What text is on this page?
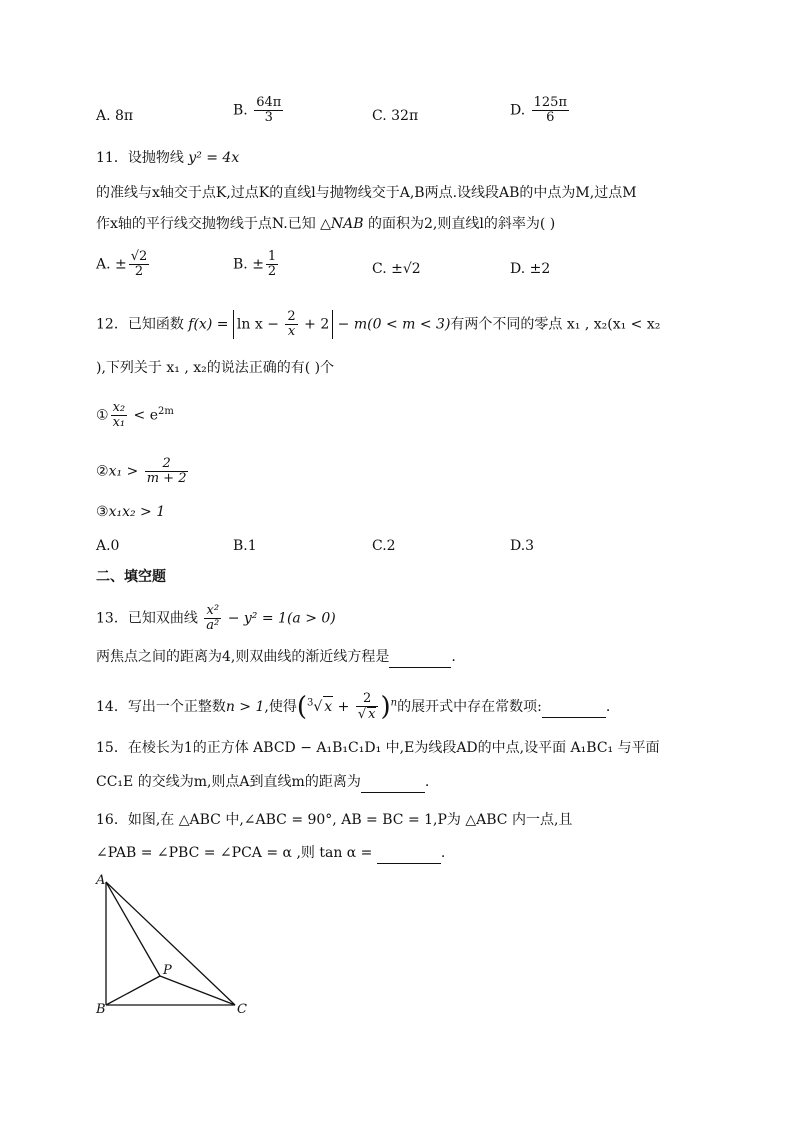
A. 8π	B. $\frac{64\pi}{3}$	C. 32π	D. $\frac{125\pi}{6}$
11．设抛物线 y² = 4x
的准线与x轴交于点K,过点K的直线l与抛物线交于A,B两点.设线段AB的中点为M,过点M
作x轴的平行线交抛物线于点N.已知 △NAB 的面积为2,则直线l的斜率为( )
A. ± $\frac{√2}{2}$	B. ± $\frac{1}{2}$	C. ±√2	D. ±2
12．已知函数 $f(x) = \ln x - \frac{2}{x} + 2 - m(0 < m < 3)$有两个不同的零点 x₁ , x₂(x₁ < x₂
),下列关于 x₁ , x₂的说法正确的有( )个
① $\frac{\text{x₂}}{\text{x₁}} < e^{2m}$
②x₁ > $\frac{2}{m + 2}$
③x₁x₂ > 1
A.0	B.1	C.2	D.3
二、填空题
13．已知双曲线 $\frac{\text{x²}}{\text{a²}} - y^2 = 1(a > 0)$
两焦点之间的距离为4,则双曲线的渐近线方程是	.
14．写出一个正整数n > 1,使得($^3$√ $x + \frac{2}{√ x} )^n$的展开式中存在常数项:	.
15．在棱长为1的正方体 ABCD − A₁B₁C₁D₁ 中,E为线段AD的中点,设平面 A₁BC₁ 与平面
CC₁E 的交线为m,则点A到直线m的距离为	.
16．如图,在 △ABC 中,∠ABC = 90°, AB = BC = 1,P为 △ABC 内一点,且
∠PAB = ∠PBC = ∠PCA = α ,则 tan α =	.
A
B	C
P
